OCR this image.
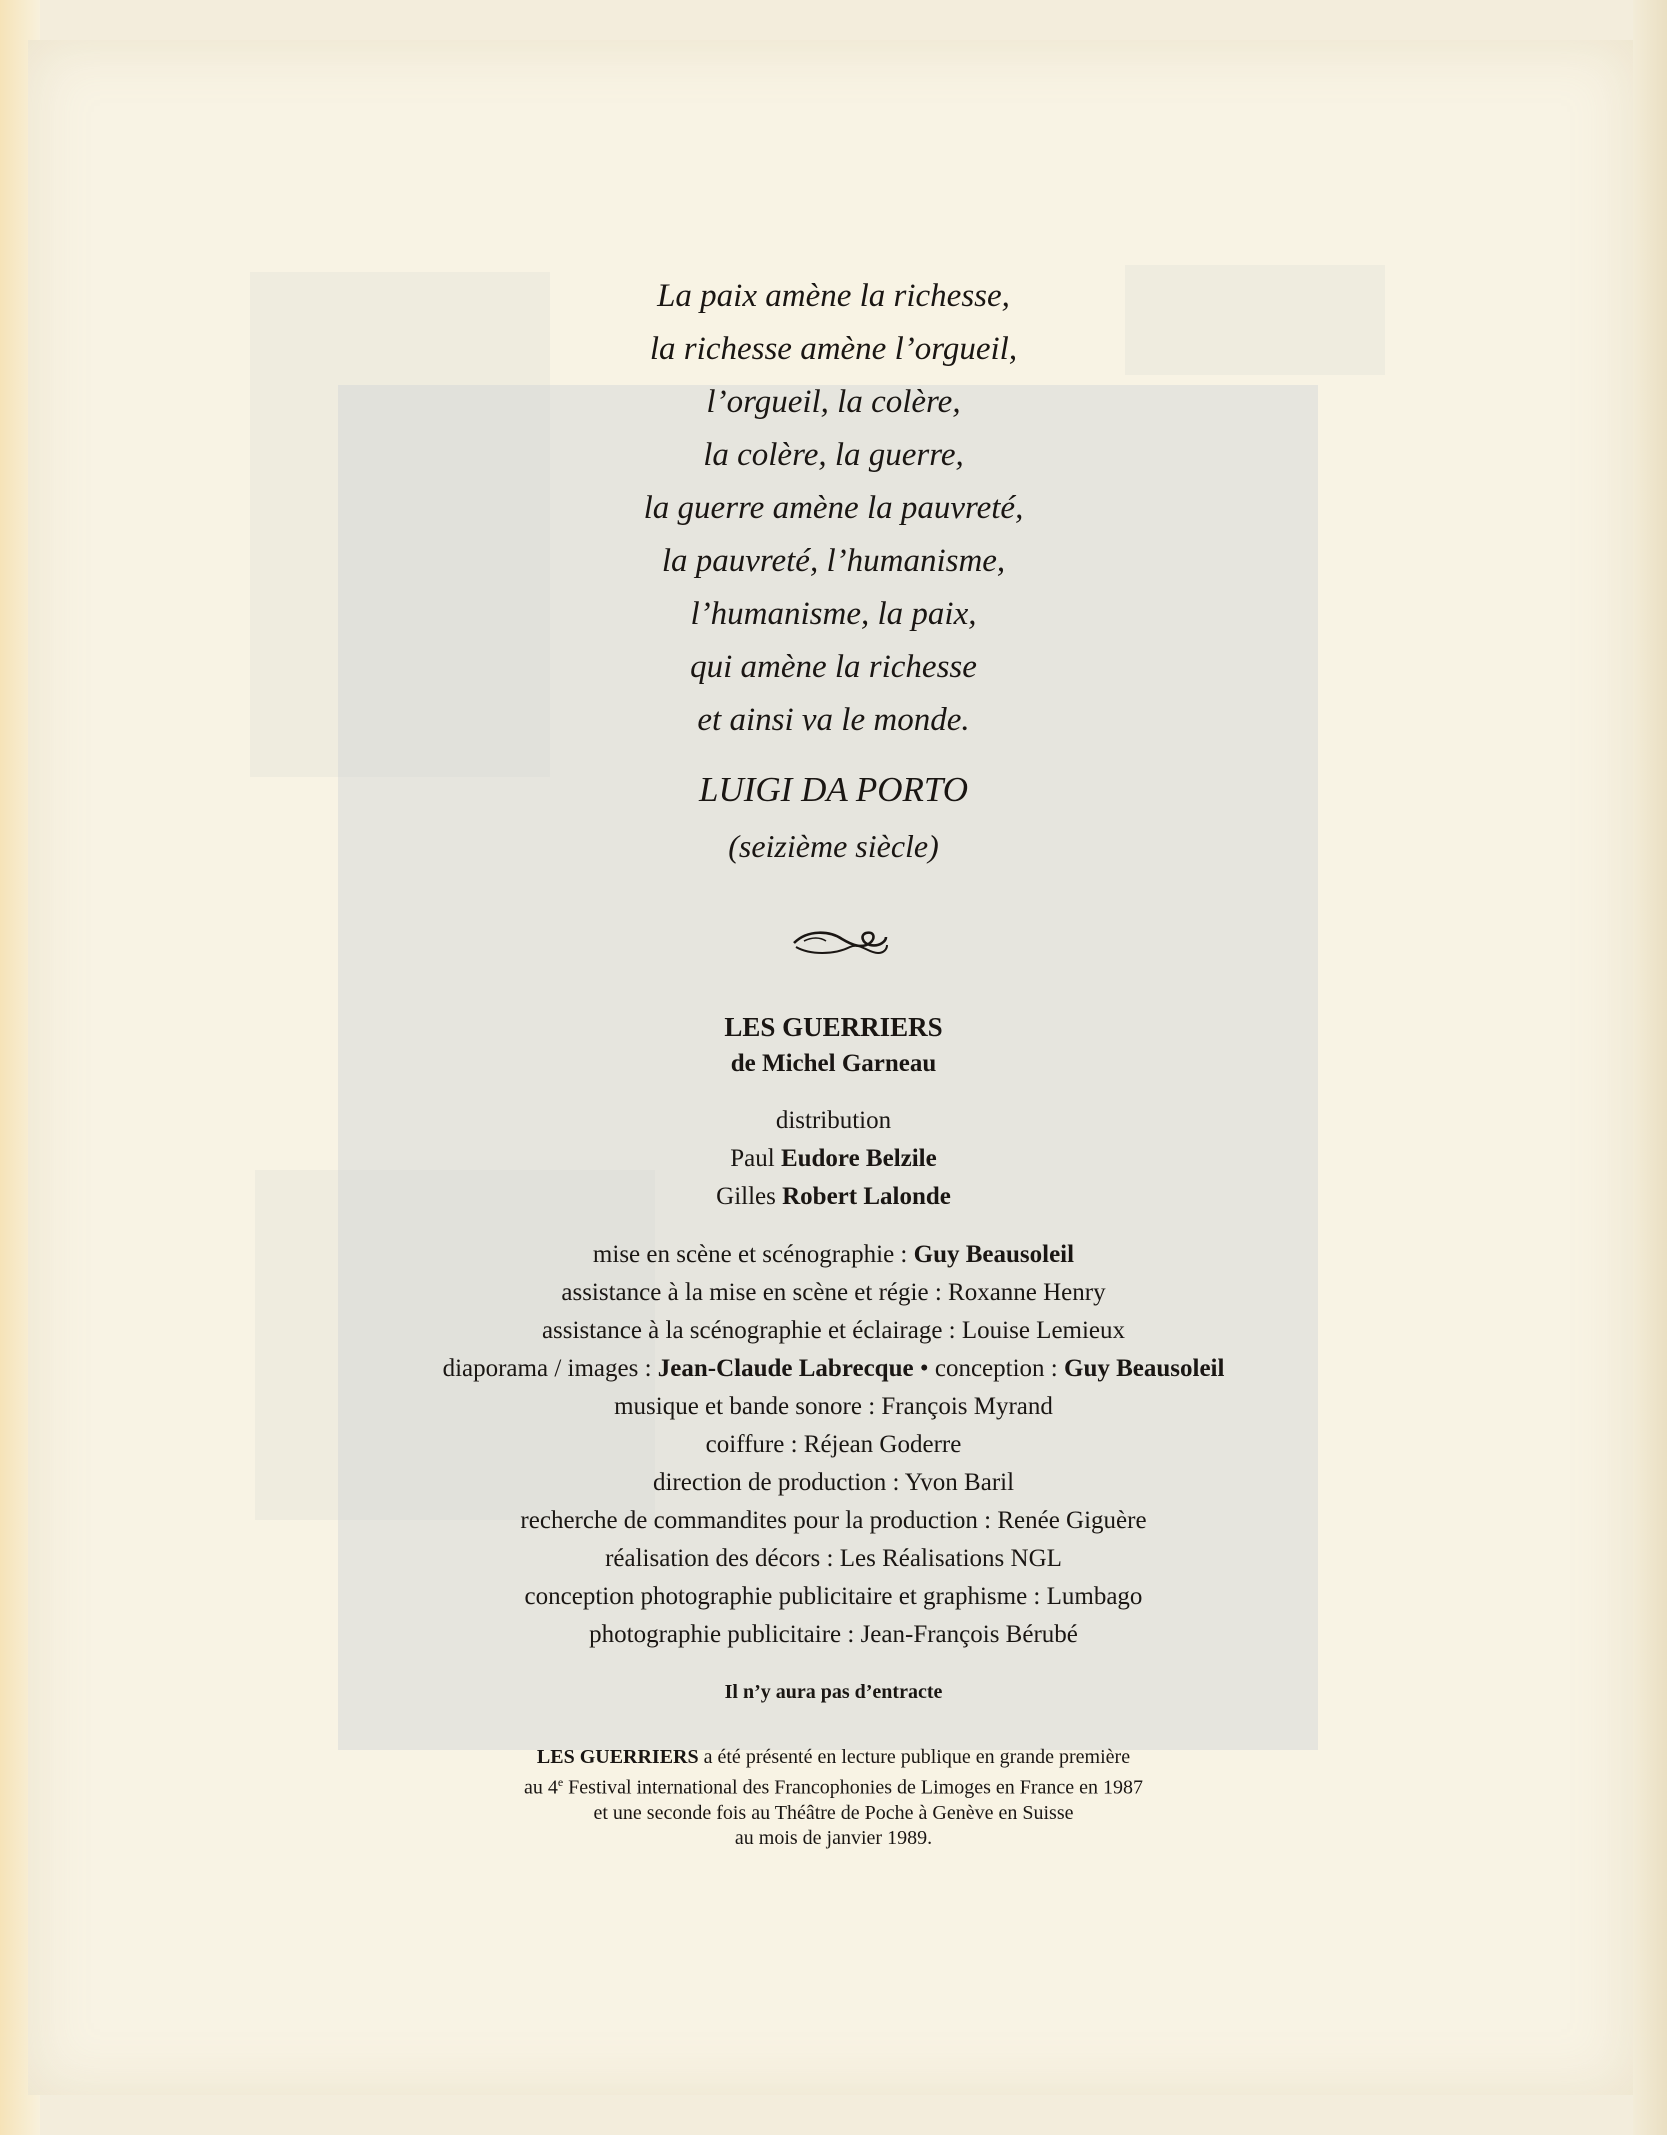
La paix amène la richesse,
la richesse amène l’orgueil,
l’orgueil, la colère,
la colère, la guerre,
la guerre amène la pauvreté,
la pauvreté, l’humanisme,
l’humanisme, la paix,
qui amène la richesse
et ainsi va le monde.
LUIGI DA PORTO
(seizième siècle)
LES GUERRIERS
de Michel Garneau
distribution
Paul Eudore Belzile
Gilles Robert Lalonde
mise en scène et scénographie : Guy Beausoleil
assistance à la mise en scène et régie : Roxanne Henry
assistance à la scénographie et éclairage : Louise Lemieux
diaporama / images : Jean-Claude Labrecque • conception : Guy Beausoleil
musique et bande sonore : François Myrand
coiffure : Réjean Goderre
direction de production : Yvon Baril
recherche de commandites pour la production : Renée Giguère
réalisation des décors : Les Réalisations NGL
conception photographie publicitaire et graphisme : Lumbago
photographie publicitaire : Jean-François Bérubé
Il n’y aura pas d’entracte
LES GUERRIERS a été présenté en lecture publique en grande première
au 4e Festival international des Francophonies de Limoges en France en 1987
et une seconde fois au Théâtre de Poche à Genève en Suisse
au mois de janvier 1989.
